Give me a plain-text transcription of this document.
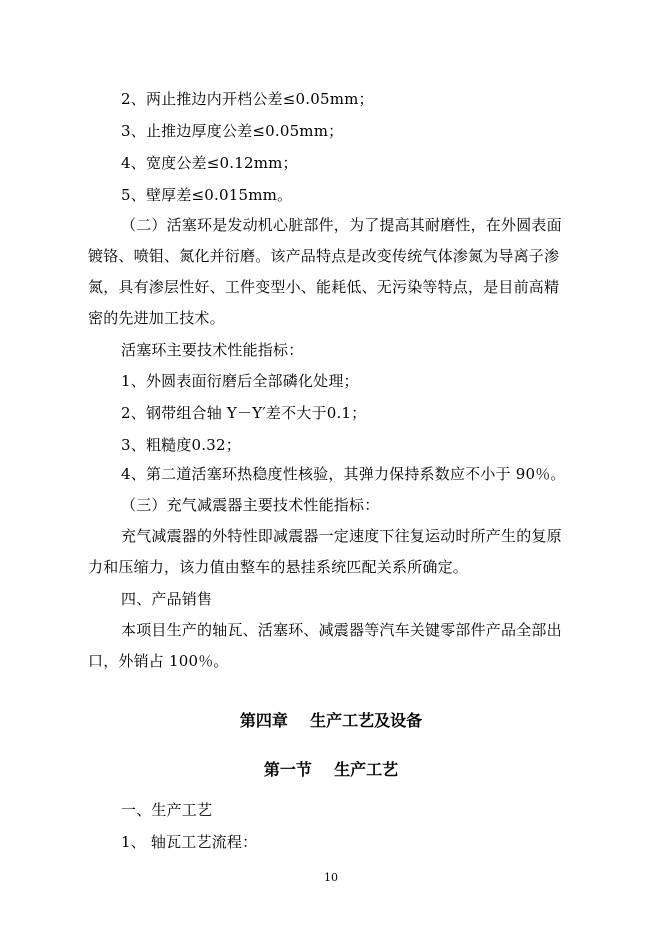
2、两止推边内开档公差≤0.05mm；
3、止推边厚度公差≤0.05mm；
4、宽度公差≤0.12mm；
5、壁厚差≤0.015mm。
（二）活塞环是发动机心脏部件，为了提高其耐磨性，在外圆表面
镀铬、喷钼、氮化并衍磨。该产品特点是改变传统气体渗氮为导离子渗
氮，具有渗层性好、工件变型小、能耗低、无污染等特点，是目前高精
密的先进加工技术。
活塞环主要技术性能指标：
1、外圆表面衍磨后全部磷化处理；
2、钢带组合轴 Y－Y′差不大于0.1；
3、粗糙度0.32；
4、第二道活塞环热稳度性核验，其弹力保持系数应不小于 90％。
（三）充气减震器主要技术性能指标：
充气减震器的外特性即减震器一定速度下往复运动时所产生的复原
力和压缩力，该力值由整车的悬挂系统匹配关系所确定。
四、产品销售
本项目生产的轴瓦、活塞环、减震器等汽车关键零部件产品全部出
口，外销占 100％。
第四章    生产工艺及设备
第一节    生产工艺
一、生产工艺
1、 轴瓦工艺流程：
10
